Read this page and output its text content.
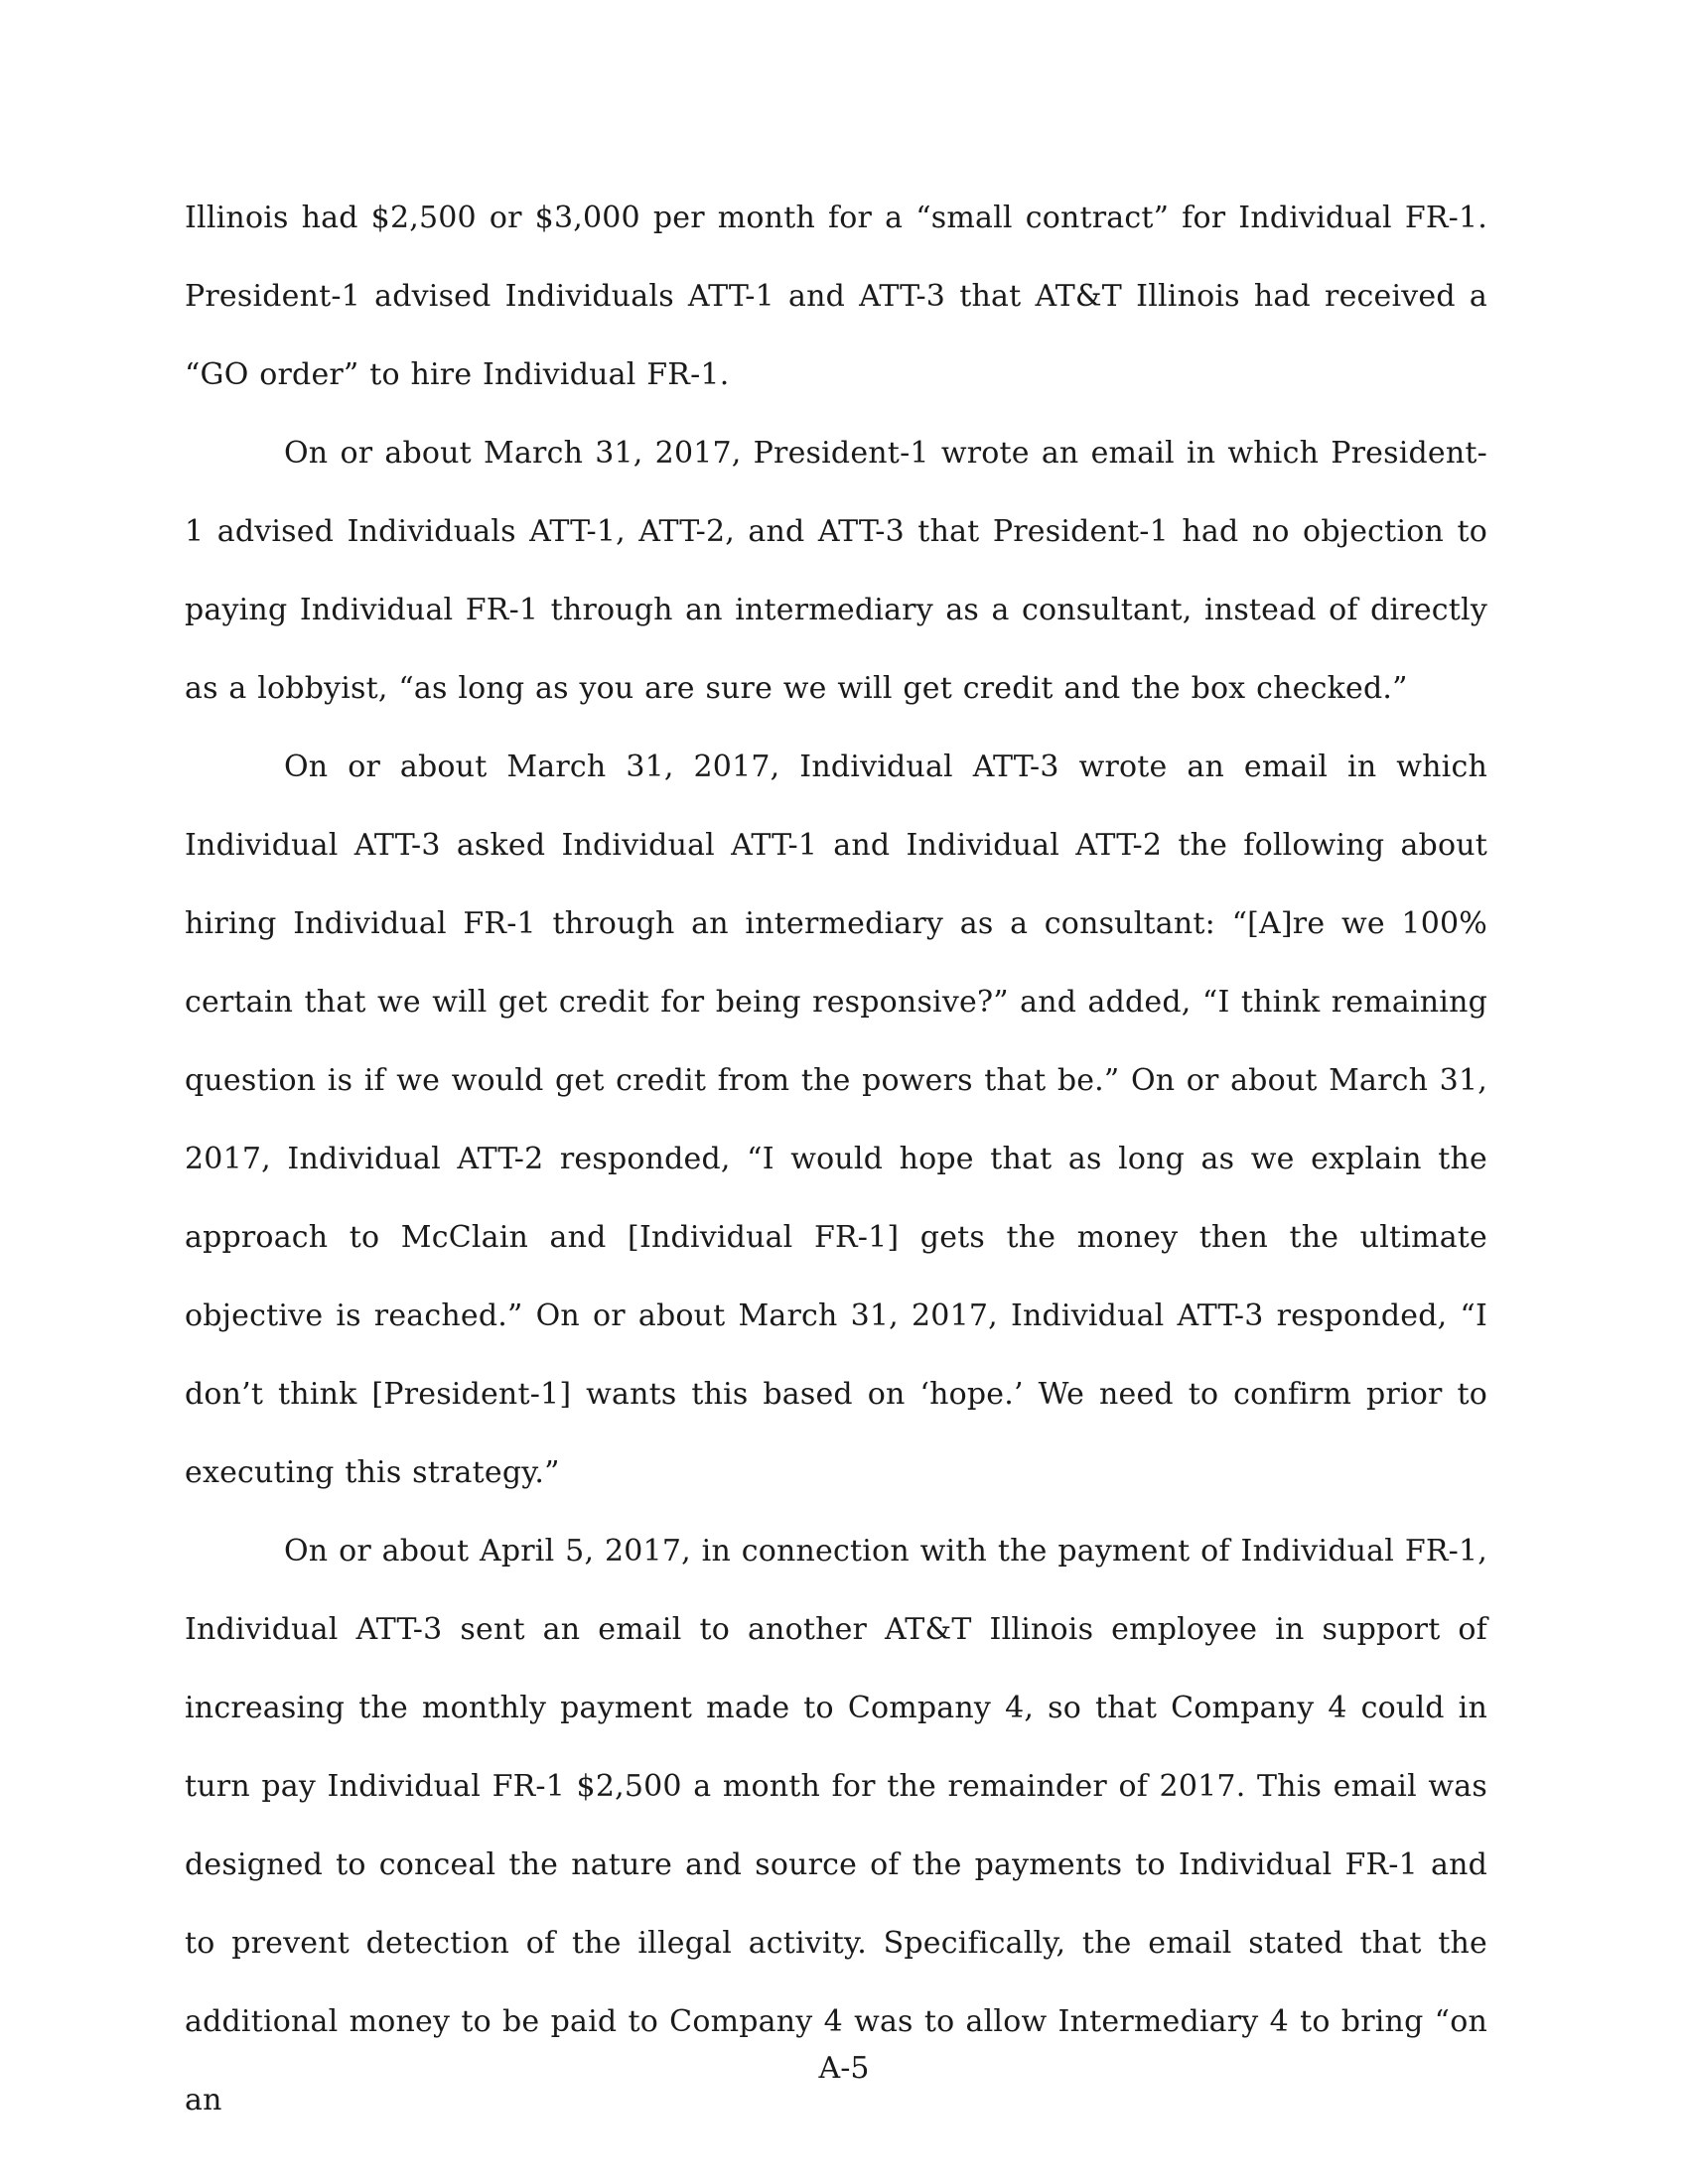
Illinois had $2,500 or $3,000 per month for a “small contract” for Individual FR-1. President-1 advised Individuals ATT-1 and ATT-3 that AT&T Illinois had received a “GO order” to hire Individual FR-1.

On or about March 31, 2017, President-1 wrote an email in which President-1 advised Individuals ATT-1, ATT-2, and ATT-3 that President-1 had no objection to paying Individual FR-1 through an intermediary as a consultant, instead of directly as a lobbyist, “as long as you are sure we will get credit and the box checked.”

On or about March 31, 2017, Individual ATT-3 wrote an email in which Individual ATT-3 asked Individual ATT-1 and Individual ATT-2 the following about hiring Individual FR-1 through an intermediary as a consultant: “[A]re we 100% certain that we will get credit for being responsive?” and added, “I think remaining question is if we would get credit from the powers that be.” On or about March 31, 2017, Individual ATT-2 responded, “I would hope that as long as we explain the approach to McClain and [Individual FR-1] gets the money then the ultimate objective is reached.” On or about March 31, 2017, Individual ATT-3 responded, “I don’t think [President-1] wants this based on ‘hope.’ We need to confirm prior to executing this strategy.”

On or about April 5, 2017, in connection with the payment of Individual FR-1, Individual ATT-3 sent an email to another AT&T Illinois employee in support of increasing the monthly payment made to Company 4, so that Company 4 could in turn pay Individual FR-1 $2,500 a month for the remainder of 2017. This email was designed to conceal the nature and source of the payments to Individual FR-1 and to prevent detection of the illegal activity. Specifically, the email stated that the additional money to be paid to Company 4 was to allow Intermediary 4 to bring “on an

A-5
